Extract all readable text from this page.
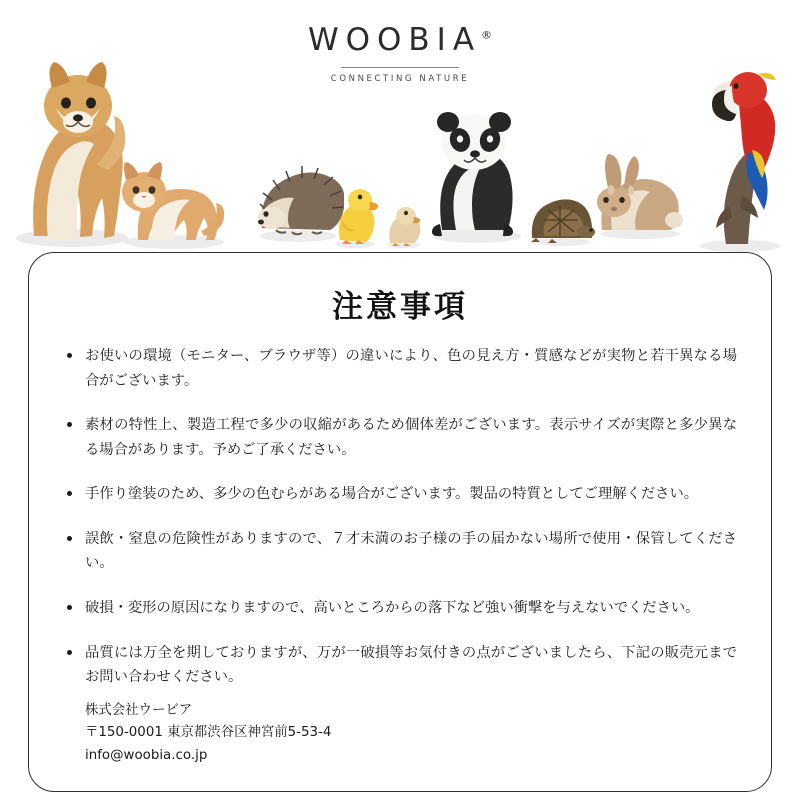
WOOBIA®
CONNECTING NATURE
注意事項
お使いの環境（モニター、ブラウザ等）の違いにより、色の見え方・質感などが実物と若干異なる場合がございます。
素材の特性上、製造工程で多少の収縮があるため個体差がございます。表示サイズが実際と多少異なる場合があります。予めご了承ください。
手作り塗装のため、多少の色むらがある場合がございます。製品の特質としてご理解ください。
誤飲・窒息の危険性がありますので、７才未満のお子様の手の届かない場所で使用・保管してください。
破損・変形の原因になりますので、高いところからの落下など強い衝撃を与えないでください。
品質には万全を期しておりますが、万が一破損等お気付きの点がございましたら、下記の販売元までお問い合わせください。
株式会社ウービア
〒150-0001 東京都渋谷区神宮前5-53-4
info@woobia.co.jp
